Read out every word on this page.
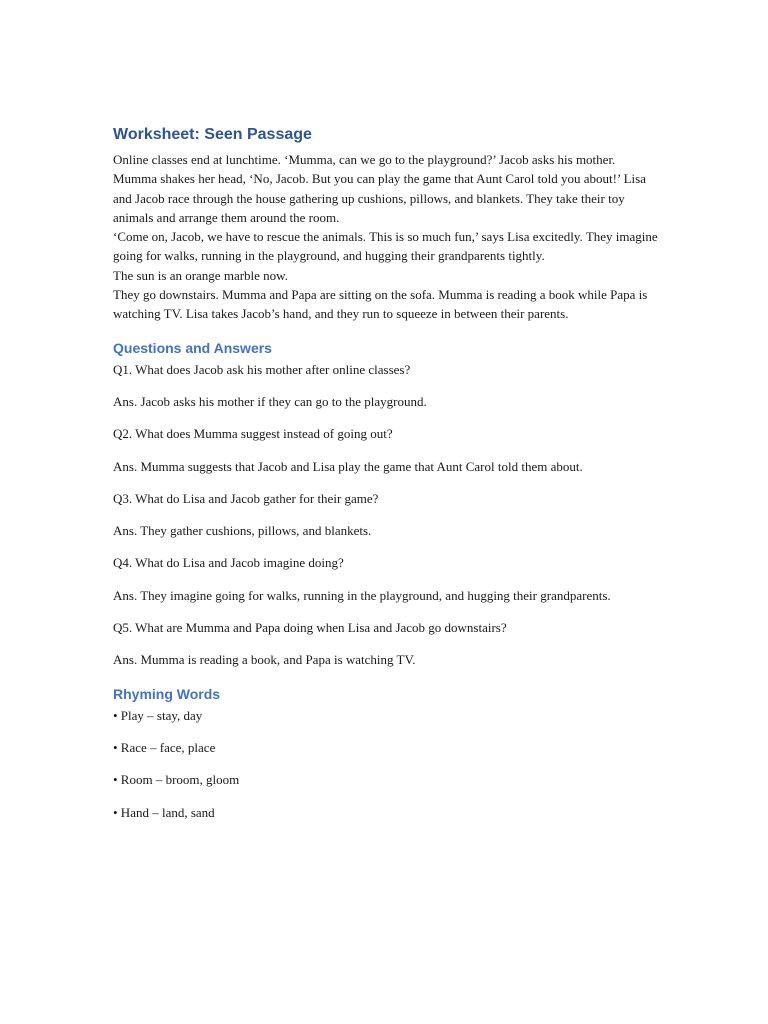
Worksheet: Seen Passage

Online classes end at lunchtime. ‘Mumma, can we go to the playground?’ Jacob asks his mother.

Mumma shakes her head, ‘No, Jacob. But you can play the game that Aunt Carol told you about!’ Lisa and Jacob race through the house gathering up cushions, pillows, and blankets. They take their toy animals and arrange them around the room.

‘Come on, Jacob, we have to rescue the animals. This is so much fun,’ says Lisa excitedly. They imagine going for walks, running in the playground, and hugging their grandparents tightly.

The sun is an orange marble now.

They go downstairs. Mumma and Papa are sitting on the sofa. Mumma is reading a book while Papa is watching TV. Lisa takes Jacob’s hand, and they run to squeeze in between their parents.

Questions and Answers

Q1. What does Jacob ask his mother after online classes?

Ans. Jacob asks his mother if they can go to the playground.

Q2. What does Mumma suggest instead of going out?

Ans. Mumma suggests that Jacob and Lisa play the game that Aunt Carol told them about.

Q3. What do Lisa and Jacob gather for their game?

Ans. They gather cushions, pillows, and blankets.

Q4. What do Lisa and Jacob imagine doing?

Ans. They imagine going for walks, running in the playground, and hugging their grandparents.

Q5. What are Mumma and Papa doing when Lisa and Jacob go downstairs?

Ans. Mumma is reading a book, and Papa is watching TV.

Rhyming Words

• Play – stay, day

• Race – face, place

• Room – broom, gloom

• Hand – land, sand
